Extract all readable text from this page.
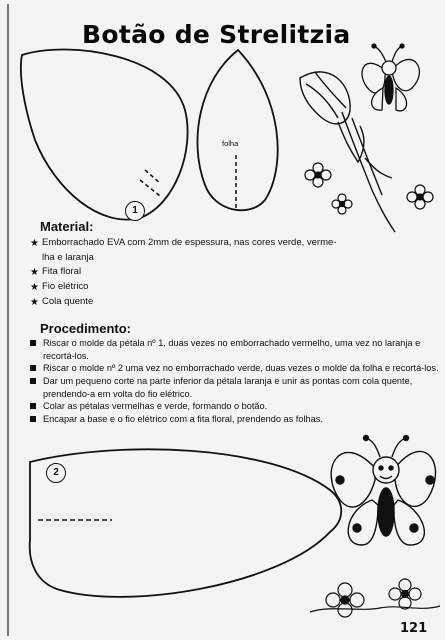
Botão de Strelitzia
1
folha
2
Material:
★ Emborrachado EVA com 2mm de espessura, nas cores verde, verme-
lha e laranja
★ Fita floral
★ Fio elétrico
★ Cola quente
Procedimento:
Riscar o molde da pétala nº 1, duas vezes no emborrachado vermelho, uma vez no laranja e recortá-los.
Riscar o molde nº 2 uma vez no emborrachado verde, duas vezes o molde da folha e recortá-los.
Dar um pequeno corte na parte inferior da pétala laranja e unir as pontas com cola quente, prendendo-a em volta do fio elétrico.
Colar as pétalas vermelhas e verde, formando o botão.
Encapar a base e o fio elétrico com a fita floral, prendendo as folhas.
121
